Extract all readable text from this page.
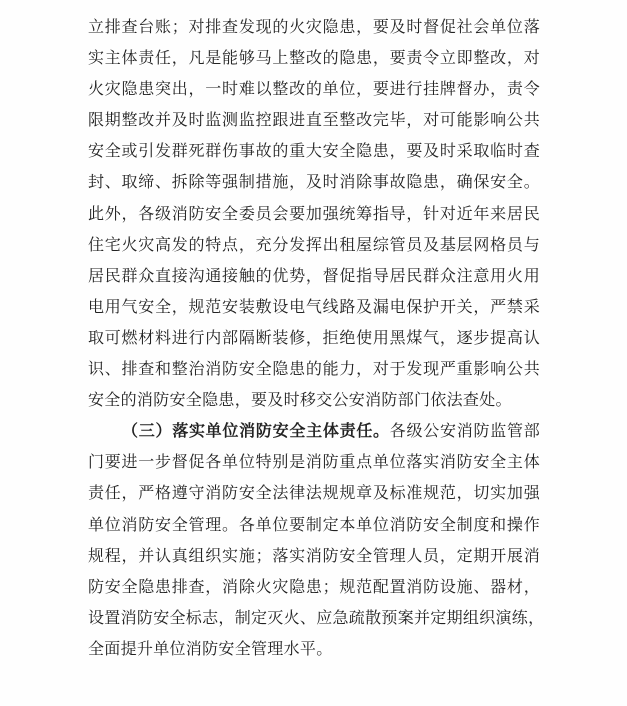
立排查台账；对排查发现的火灾隐患，要及时督促社会单位落
实主体责任，凡是能够马上整改的隐患，要责令立即整改，对
火灾隐患突出，一时难以整改的单位，要进行挂牌督办，责令
限期整改并及时监测监控跟进直至整改完毕，对可能影响公共
安全或引发群死群伤事故的重大安全隐患，要及时采取临时查
封、取缔、拆除等强制措施，及时消除事故隐患，确保安全。
此外，各级消防安全委员会要加强统筹指导，针对近年来居民
住宅火灾高发的特点，充分发挥出租屋综管员及基层网格员与
居民群众直接沟通接触的优势，督促指导居民群众注意用火用
电用气安全，规范安装敷设电气线路及漏电保护开关，严禁采
取可燃材料进行内部隔断装修，拒绝使用黑煤气，逐步提高认
识、排查和整治消防安全隐患的能力，对于发现严重影响公共
安全的消防安全隐患，要及时移交公安消防部门依法查处。
（三）落实单位消防安全主体责任。各级公安消防监管部
门要进一步督促各单位特别是消防重点单位落实消防安全主体
责任，严格遵守消防安全法律法规规章及标准规范，切实加强
单位消防安全管理。各单位要制定本单位消防安全制度和操作
规程，并认真组织实施；落实消防安全管理人员，定期开展消
防安全隐患排查，消除火灾隐患；规范配置消防设施、器材，
设置消防安全标志，制定灭火、应急疏散预案并定期组织演练，
全面提升单位消防安全管理水平。
